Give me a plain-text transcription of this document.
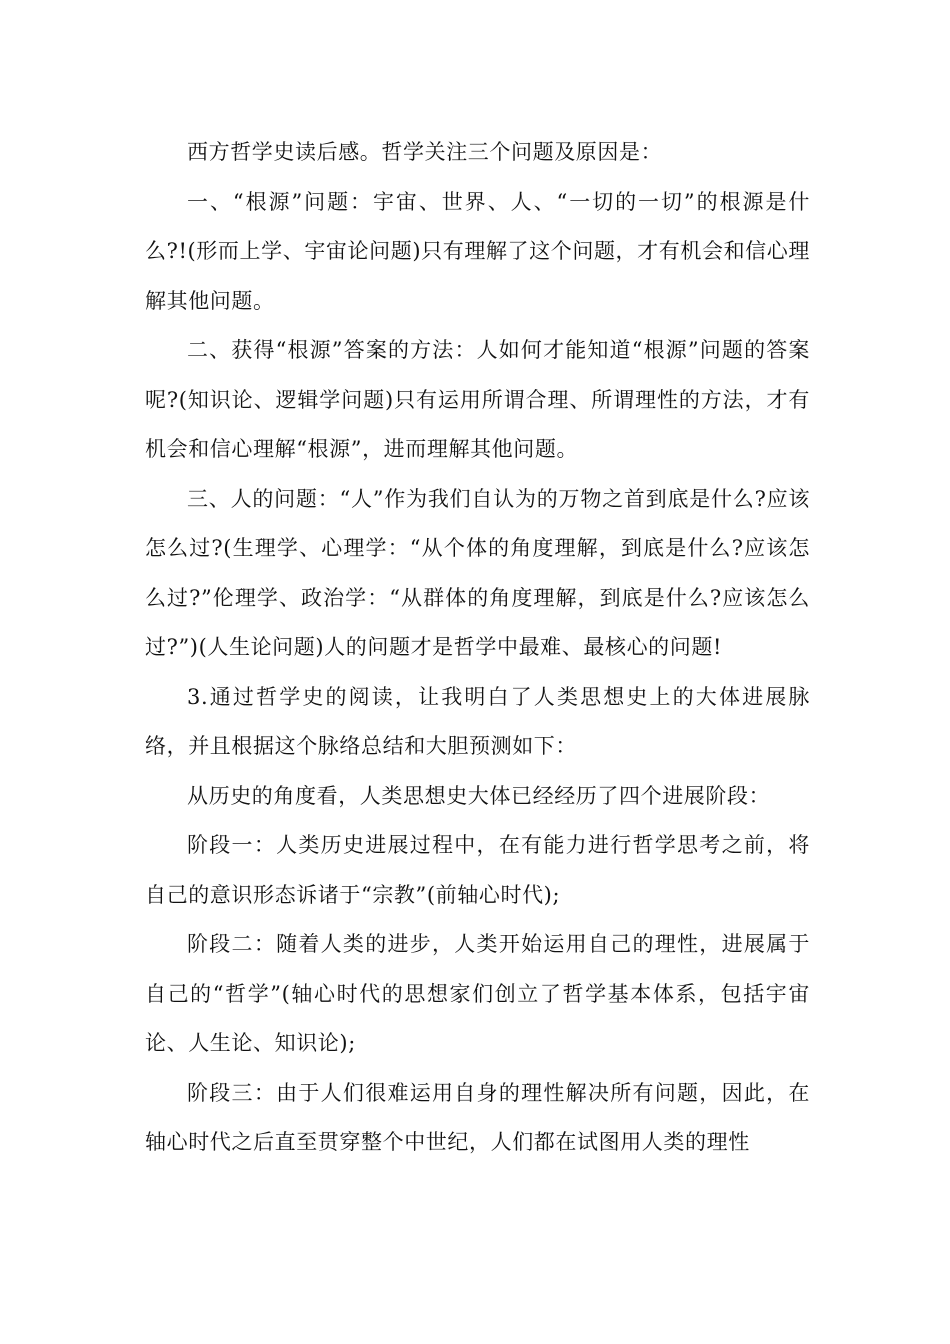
西方哲学史读后感。哲学关注三个问题及原因是：

一、“根源”问题：宇宙、世界、人、“一切的一切”的根源是什么?!(形而上学、宇宙论问题)只有理解了这个问题，才有机会和信心理解其他问题。

二、获得“根源”答案的方法：人如何才能知道“根源”问题的答案呢?(知识论、逻辑学问题)只有运用所谓合理、所谓理性的方法，才有机会和信心理解“根源”，进而理解其他问题。

三、人的问题：“人”作为我们自认为的万物之首到底是什么?应该怎么过?(生理学、心理学：“从个体的角度理解，到底是什么?应该怎么过?”伦理学、政治学：“从群体的角度理解，到底是什么?应该怎么过?”)(人生论问题)人的问题才是哲学中最难、最核心的问题!

3.通过哲学史的阅读，让我明白了人类思想史上的大体进展脉络，并且根据这个脉络总结和大胆预测如下：

从历史的角度看，人类思想史大体已经经历了四个进展阶段：

阶段一：人类历史进展过程中，在有能力进行哲学思考之前，将自己的意识形态诉诸于“宗教”(前轴心时代);

阶段二：随着人类的进步，人类开始运用自己的理性，进展属于自己的“哲学”(轴心时代的思想家们创立了哲学基本体系，包括宇宙论、人生论、知识论);

阶段三：由于人们很难运用自身的理性解决所有问题，因此，在轴心时代之后直至贯穿整个中世纪，人们都在试图用人类的理性
